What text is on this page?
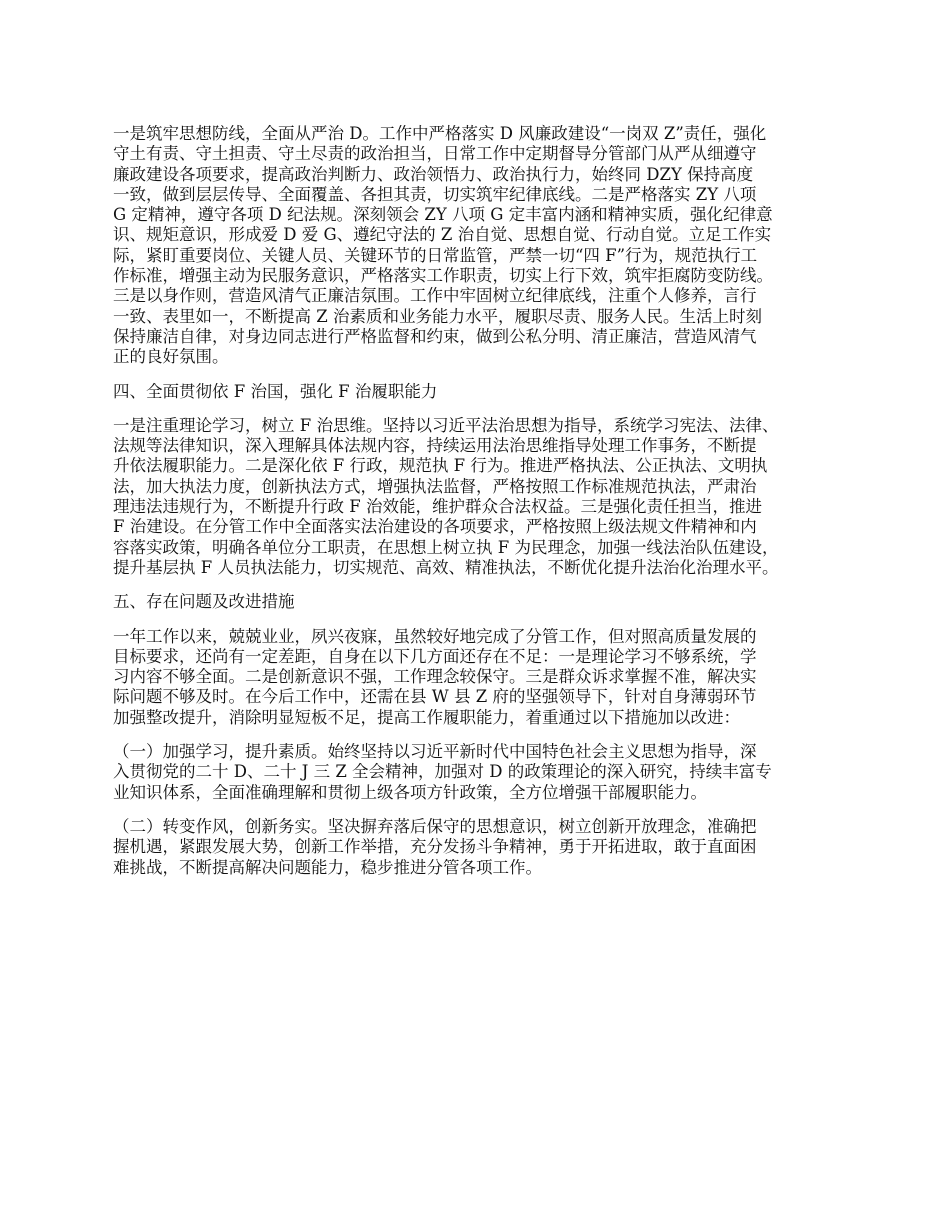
一是筑牢思想防线，全面从严治 D。工作中严格落实 D 风廉政建设“一岗双 Z”责任，强化
守土有责、守土担责、守土尽责的政治担当，日常工作中定期督导分管部门从严从细遵守
廉政建设各项要求，提高政治判断力、政治领悟力、政治执行力，始终同 DZY 保持高度
一致，做到层层传导、全面覆盖、各担其责，切实筑牢纪律底线。二是严格落实 ZY 八项
G 定精神，遵守各项 D 纪法规。深刻领会 ZY 八项 G 定丰富内涵和精神实质，强化纪律意
识、规矩意识，形成爱 D 爱 G、遵纪守法的 Z 治自觉、思想自觉、行动自觉。立足工作实
际，紧盯重要岗位、关键人员、关键环节的日常监管，严禁一切“四 F”行为，规范执行工
作标准，增强主动为民服务意识，严格落实工作职责，切实上行下效，筑牢拒腐防变防线。
三是以身作则，营造风清气正廉洁氛围。工作中牢固树立纪律底线，注重个人修养，言行
一致、表里如一，不断提高 Z 治素质和业务能力水平，履职尽责、服务人民。生活上时刻
保持廉洁自律，对身边同志进行严格监督和约束，做到公私分明、清正廉洁，营造风清气
正的良好氛围。

四、全面贯彻依 F 治国，强化 F 治履职能力

一是注重理论学习，树立 F 治思维。坚持以习近平法治思想为指导，系统学习宪法、法律、
法规等法律知识，深入理解具体法规内容，持续运用法治思维指导处理工作事务，不断提
升依法履职能力。二是深化依 F 行政，规范执 F 行为。推进严格执法、公正执法、文明执
法，加大执法力度，创新执法方式，增强执法监督，严格按照工作标准规范执法，严肃治
理违法违规行为，不断提升行政 F 治效能，维护群众合法权益。三是强化责任担当，推进
F 治建设。在分管工作中全面落实法治建设的各项要求，严格按照上级法规文件精神和内
容落实政策，明确各单位分工职责，在思想上树立执 F 为民理念，加强一线法治队伍建设，
提升基层执 F 人员执法能力，切实规范、高效、精准执法，不断优化提升法治化治理水平。

五、存在问题及改进措施

一年工作以来，兢兢业业，夙兴夜寐，虽然较好地完成了分管工作，但对照高质量发展的
目标要求，还尚有一定差距，自身在以下几方面还存在不足：一是理论学习不够系统，学
习内容不够全面。二是创新意识不强，工作理念较保守。三是群众诉求掌握不准，解决实
际问题不够及时。在今后工作中，还需在县 W 县 Z 府的坚强领导下，针对自身薄弱环节
加强整改提升，消除明显短板不足，提高工作履职能力，着重通过以下措施加以改进：

（一）加强学习，提升素质。始终坚持以习近平新时代中国特色社会主义思想为指导，深
入贯彻党的二十 D、二十 J 三 Z 全会精神，加强对 D 的政策理论的深入研究，持续丰富专
业知识体系，全面准确理解和贯彻上级各项方针政策，全方位增强干部履职能力。

（二）转变作风，创新务实。坚决摒弃落后保守的思想意识，树立创新开放理念，准确把
握机遇，紧跟发展大势，创新工作举措，充分发扬斗争精神，勇于开拓进取，敢于直面困
难挑战，不断提高解决问题能力，稳步推进分管各项工作。
